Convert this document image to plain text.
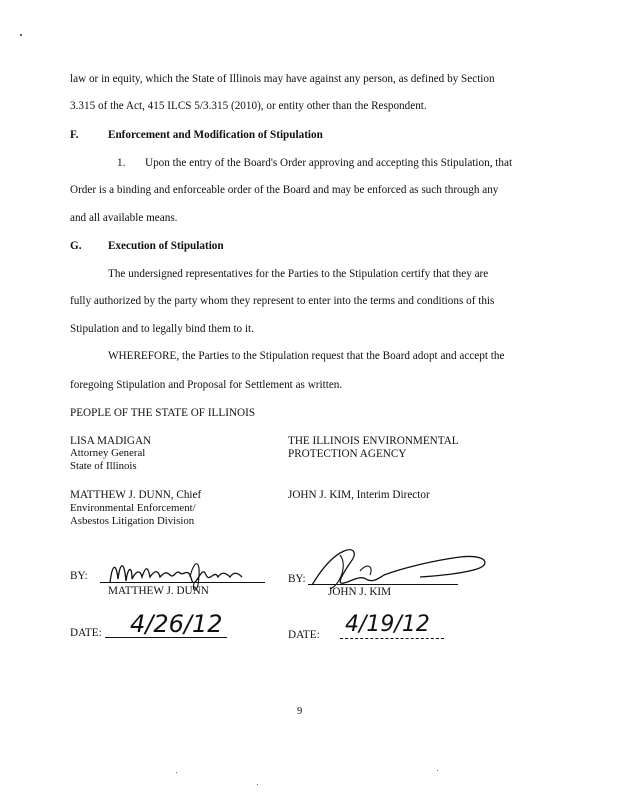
law or in equity, which the State of Illinois may have against any person, as defined by Section
3.315 of the Act, 415 ILCS 5/3.315 (2010), or entity other than the Respondent.
F.	Enforcement and Modification of Stipulation
1. Upon the entry of the Board's Order approving and accepting this Stipulation, that
Order is a binding and enforceable order of the Board and may be enforced as such through any
and all available means.
G. Execution of Stipulation
The undersigned representatives for the Parties to the Stipulation certify that they are
fully authorized by the party whom they represent to enter into the terms and conditions of this
Stipulation and to legally bind them to it.
WHEREFORE, the Parties to the Stipulation request that the Board adopt and accept the
foregoing Stipulation and Proposal for Settlement as written.
PEOPLE OF THE STATE OF ILLINOIS
LISA MADIGAN
Attorney General
State of Illinois
MATTHEW J. DUNN, Chief
Environmental Enforcement/
Asbestos Litigation Division
BY:
MATTHEW J. DUNN
DATE: 4/26/12
THE ILLINOIS ENVIRONMENTAL
PROTECTION AGENCY
JOHN J. KIM, Interim Director
BY:
JOHN J. KIM
DATE: 4/19/12
9
